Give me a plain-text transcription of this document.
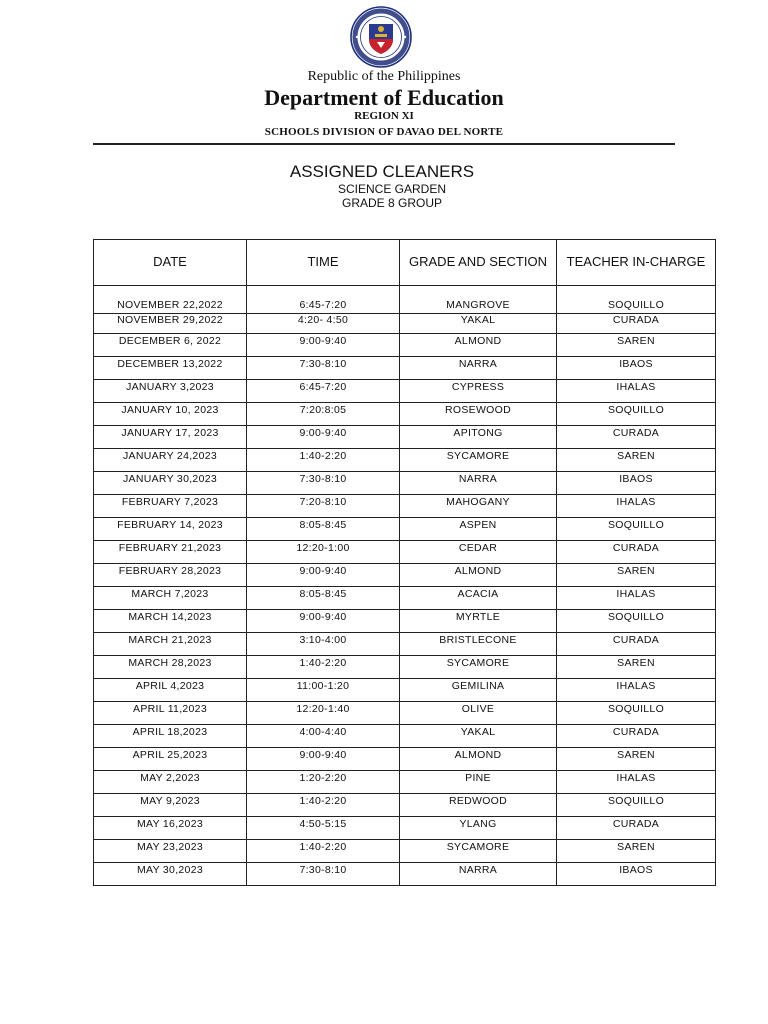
Republic of the Philippines
Department of Education
REGION XI
SCHOOLS DIVISION OF DAVAO DEL NORTE
ASSIGNED CLEANERS
SCIENCE GARDEN
GRADE 8 GROUP
DATE	TIME	GRADE AND SECTION	TEACHER IN-CHARGE
NOVEMBER 22,2022	6:45-7:20	MANGROVE	SOQUILLO
NOVEMBER 29,2022	4:20- 4:50	YAKAL	CURADA
DECEMBER 6, 2022	9:00-9:40	ALMOND	SAREN
DECEMBER 13,2022	7:30-8:10	NARRA	IBAOS
JANUARY 3,2023	6:45-7:20	CYPRESS	IHALAS
JANUARY 10, 2023	7:20:8:05	ROSEWOOD	SOQUILLO
JANUARY 17, 2023	9:00-9:40	APITONG	CURADA
JANUARY 24,2023	1:40-2:20	SYCAMORE	SAREN
JANUARY 30,2023	7:30-8:10	NARRA	IBAOS
FEBRUARY 7,2023	7:20-8:10	MAHOGANY	IHALAS
FEBRUARY 14, 2023	8:05-8:45	ASPEN	SOQUILLO
FEBRUARY 21,2023	12:20-1:00	CEDAR	CURADA
FEBRUARY 28,2023	9:00-9:40	ALMOND	SAREN
MARCH 7,2023	8:05-8:45	ACACIA	IHALAS
MARCH 14,2023	9:00-9:40	MYRTLE	SOQUILLO
MARCH 21,2023	3:10-4:00	BRISTLECONE	CURADA
MARCH 28,2023	1:40-2:20	SYCAMORE	SAREN
APRIL 4,2023	11:00-1:20	GEMILINA	IHALAS
APRIL 11,2023	12:20-1:40	OLIVE	SOQUILLO
APRIL 18,2023	4:00-4:40	YAKAL	CURADA
APRIL 25,2023	9:00-9:40	ALMOND	SAREN
MAY 2,2023	1:20-2:20	PINE	IHALAS
MAY 9,2023	1:40-2:20	REDWOOD	SOQUILLO
MAY 16,2023	4:50-5:15	YLANG	CURADA
MAY 23,2023	1:40-2:20	SYCAMORE	SAREN
MAY 30,2023	7:30-8:10	NARRA	IBAOS
